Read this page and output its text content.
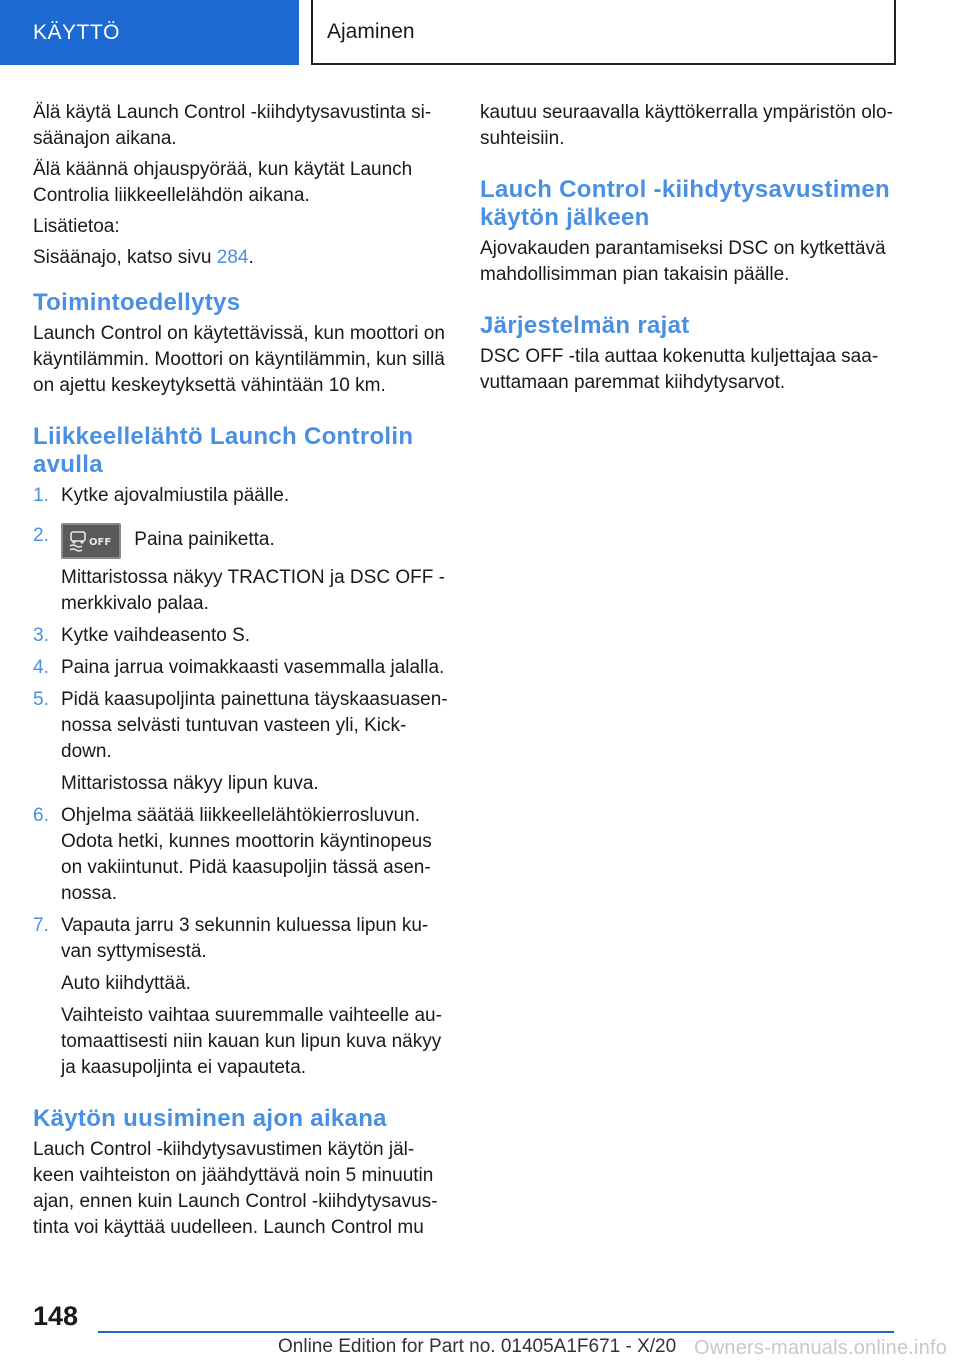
KÄYTTÖ	Ajaminen

Älä käytä Launch Control -kiihdytysavustinta sisäänajon aikana.

Älä käännä ohjauspyörää, kun käytät Launch Controlia liikkeellelähdön aikana.

Lisätietoa:

Sisäänajo, katso sivu 284.

Toimintoedellytys

Launch Control on käytettävissä, kun moottori on käyntilämmin. Moottori on käyntilämmin, kun sillä on ajettu keskeytyksettä vähintään 10 km.

Liikkeellelähtö Launch Controlin avulla
1. Kytke ajovalmiustila päälle.
2.	OFF Paina painiketta.

Mittaristossa näkyy TRACTION ja DSC OFF -merkkivalo palaa.

3. Kytke vaihdeasento S.
4. Paina jarrua voimakkaasti vasemmalla jalalla.
5. Pidä kaasupoljinta painettuna täyskaasuasennossa selvästi tuntuvan vasteen yli, Kickdown.

Mittaristossa näkyy lipun kuva.

6. Ohjelma säätää liikkeellelähtökierrosluvun. Odota hetki, kunnes moottorin käyntinopeus on vakiintunut. Pidä kaasupoljin tässä asennossa.
7. Vapauta jarru 3 sekunnin kuluessa lipun kuvan syttymisestä.

Auto kiihdyttää.

Vaihteisto vaihtaa suuremmalle vaihteelle automaattisesti niin kauan kun lipun kuva näkyy ja kaasupoljinta ei vapauteta.

Käytön uusiminen ajon aikana

Lauch Control -kiihdytysavustimen käytön jälkeen vaihteiston on jäähdyttävä noin 5 minuutin ajan, ennen kuin Launch Control -kiihdytysavustinta voi käyttää uudelleen. Launch Control mu

kautuu seuraavalla käyttökerralla ympäristön olosuhteisiin.

Lauch Control -kiihdytysavustimen käytön jälkeen

Ajovakauden parantamiseksi DSC on kytkettävä mahdollisimman pian takaisin päälle.

Järjestelmän rajat

DSC OFF -tila auttaa kokenutta kuljettajaa saavuttamaan paremmat kiihdytysarvot.

148
Online Edition for Part no. 01405A1F671 - X/20 Owners-manuals.online.info
